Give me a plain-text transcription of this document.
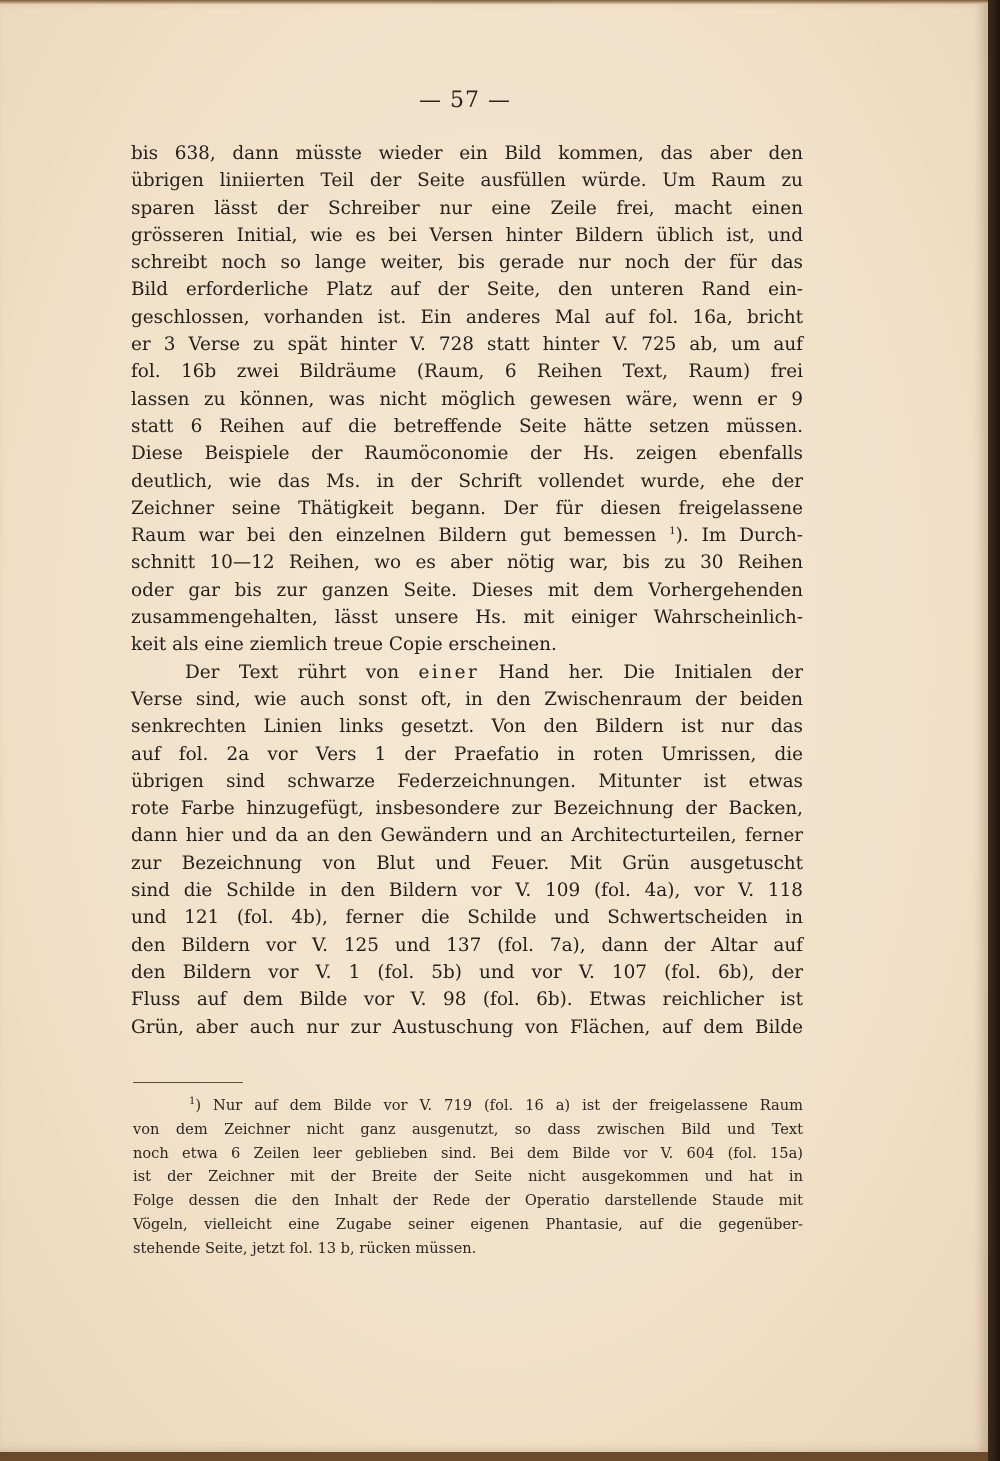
— 57 —
bis 638, dann müsste wieder ein Bild kommen, das aber den
übrigen liniierten Teil der Seite ausfüllen würde. Um Raum zu
sparen lässt der Schreiber nur eine Zeile frei, macht einen
grösseren Initial, wie es bei Versen hinter Bildern üblich ist, und
schreibt noch so lange weiter, bis gerade nur noch der für das
Bild erforderliche Platz auf der Seite, den unteren Rand ein-
geschlossen, vorhanden ist. Ein anderes Mal auf fol. 16a, bricht
er 3 Verse zu spät hinter V. 728 statt hinter V. 725 ab, um auf
fol. 16b zwei Bildräume (Raum, 6 Reihen Text, Raum) frei
lassen zu können, was nicht möglich gewesen wäre, wenn er 9
statt 6 Reihen auf die betreffende Seite hätte setzen müssen.
Diese Beispiele der Raumöconomie der Hs. zeigen ebenfalls
deutlich, wie das Ms. in der Schrift vollendet wurde, ehe der
Zeichner seine Thätigkeit begann. Der für diesen freigelassene
Raum war bei den einzelnen Bildern gut bemessen $^1$). Im Durch-
schnitt 10—12 Reihen, wo es aber nötig war, bis zu 30 Reihen
oder gar bis zur ganzen Seite. Dieses mit dem Vorhergehenden
zusammengehalten, lässt unsere Hs. mit einiger Wahrscheinlich-
keit als eine ziemlich treue Copie erscheinen.
Der Text rührt von einer Hand her. Die Initialen der
Verse sind, wie auch sonst oft, in den Zwischenraum der beiden
senkrechten Linien links gesetzt. Von den Bildern ist nur das
auf fol. 2a vor Vers 1 der Praefatio in roten Umrissen, die
übrigen sind schwarze Federzeichnungen. Mitunter ist etwas
rote Farbe hinzugefügt, insbesondere zur Bezeichnung der Backen,
dann hier und da an den Gewändern und an Architecturteilen, ferner
zur Bezeichnung von Blut und Feuer. Mit Grün ausgetuscht
sind die Schilde in den Bildern vor V. 109 (fol. 4a), vor V. 118
und 121 (fol. 4b), ferner die Schilde und Schwertscheiden in
den Bildern vor V. 125 und 137 (fol. 7a), dann der Altar auf
den Bildern vor V. 1 (fol. 5b) und vor V. 107 (fol. 6b), der
Fluss auf dem Bilde vor V. 98 (fol. 6b). Etwas reichlicher ist
Grün, aber auch nur zur Austuschung von Flächen, auf dem Bilde
$^1$) Nur auf dem Bilde vor V. 719 (fol. 16 a) ist der freigelassene Raum
von dem Zeichner nicht ganz ausgenutzt, so dass zwischen Bild und Text
noch etwa 6 Zeilen leer geblieben sind. Bei dem Bilde vor V. 604 (fol. 15a)
ist der Zeichner mit der Breite der Seite nicht ausgekommen und hat in
Folge dessen die den Inhalt der Rede der Operatio darstellende Staude mit
Vögeln, vielleicht eine Zugabe seiner eigenen Phantasie, auf die gegenüber-
stehende Seite, jetzt fol. 13 b, rücken müssen.
